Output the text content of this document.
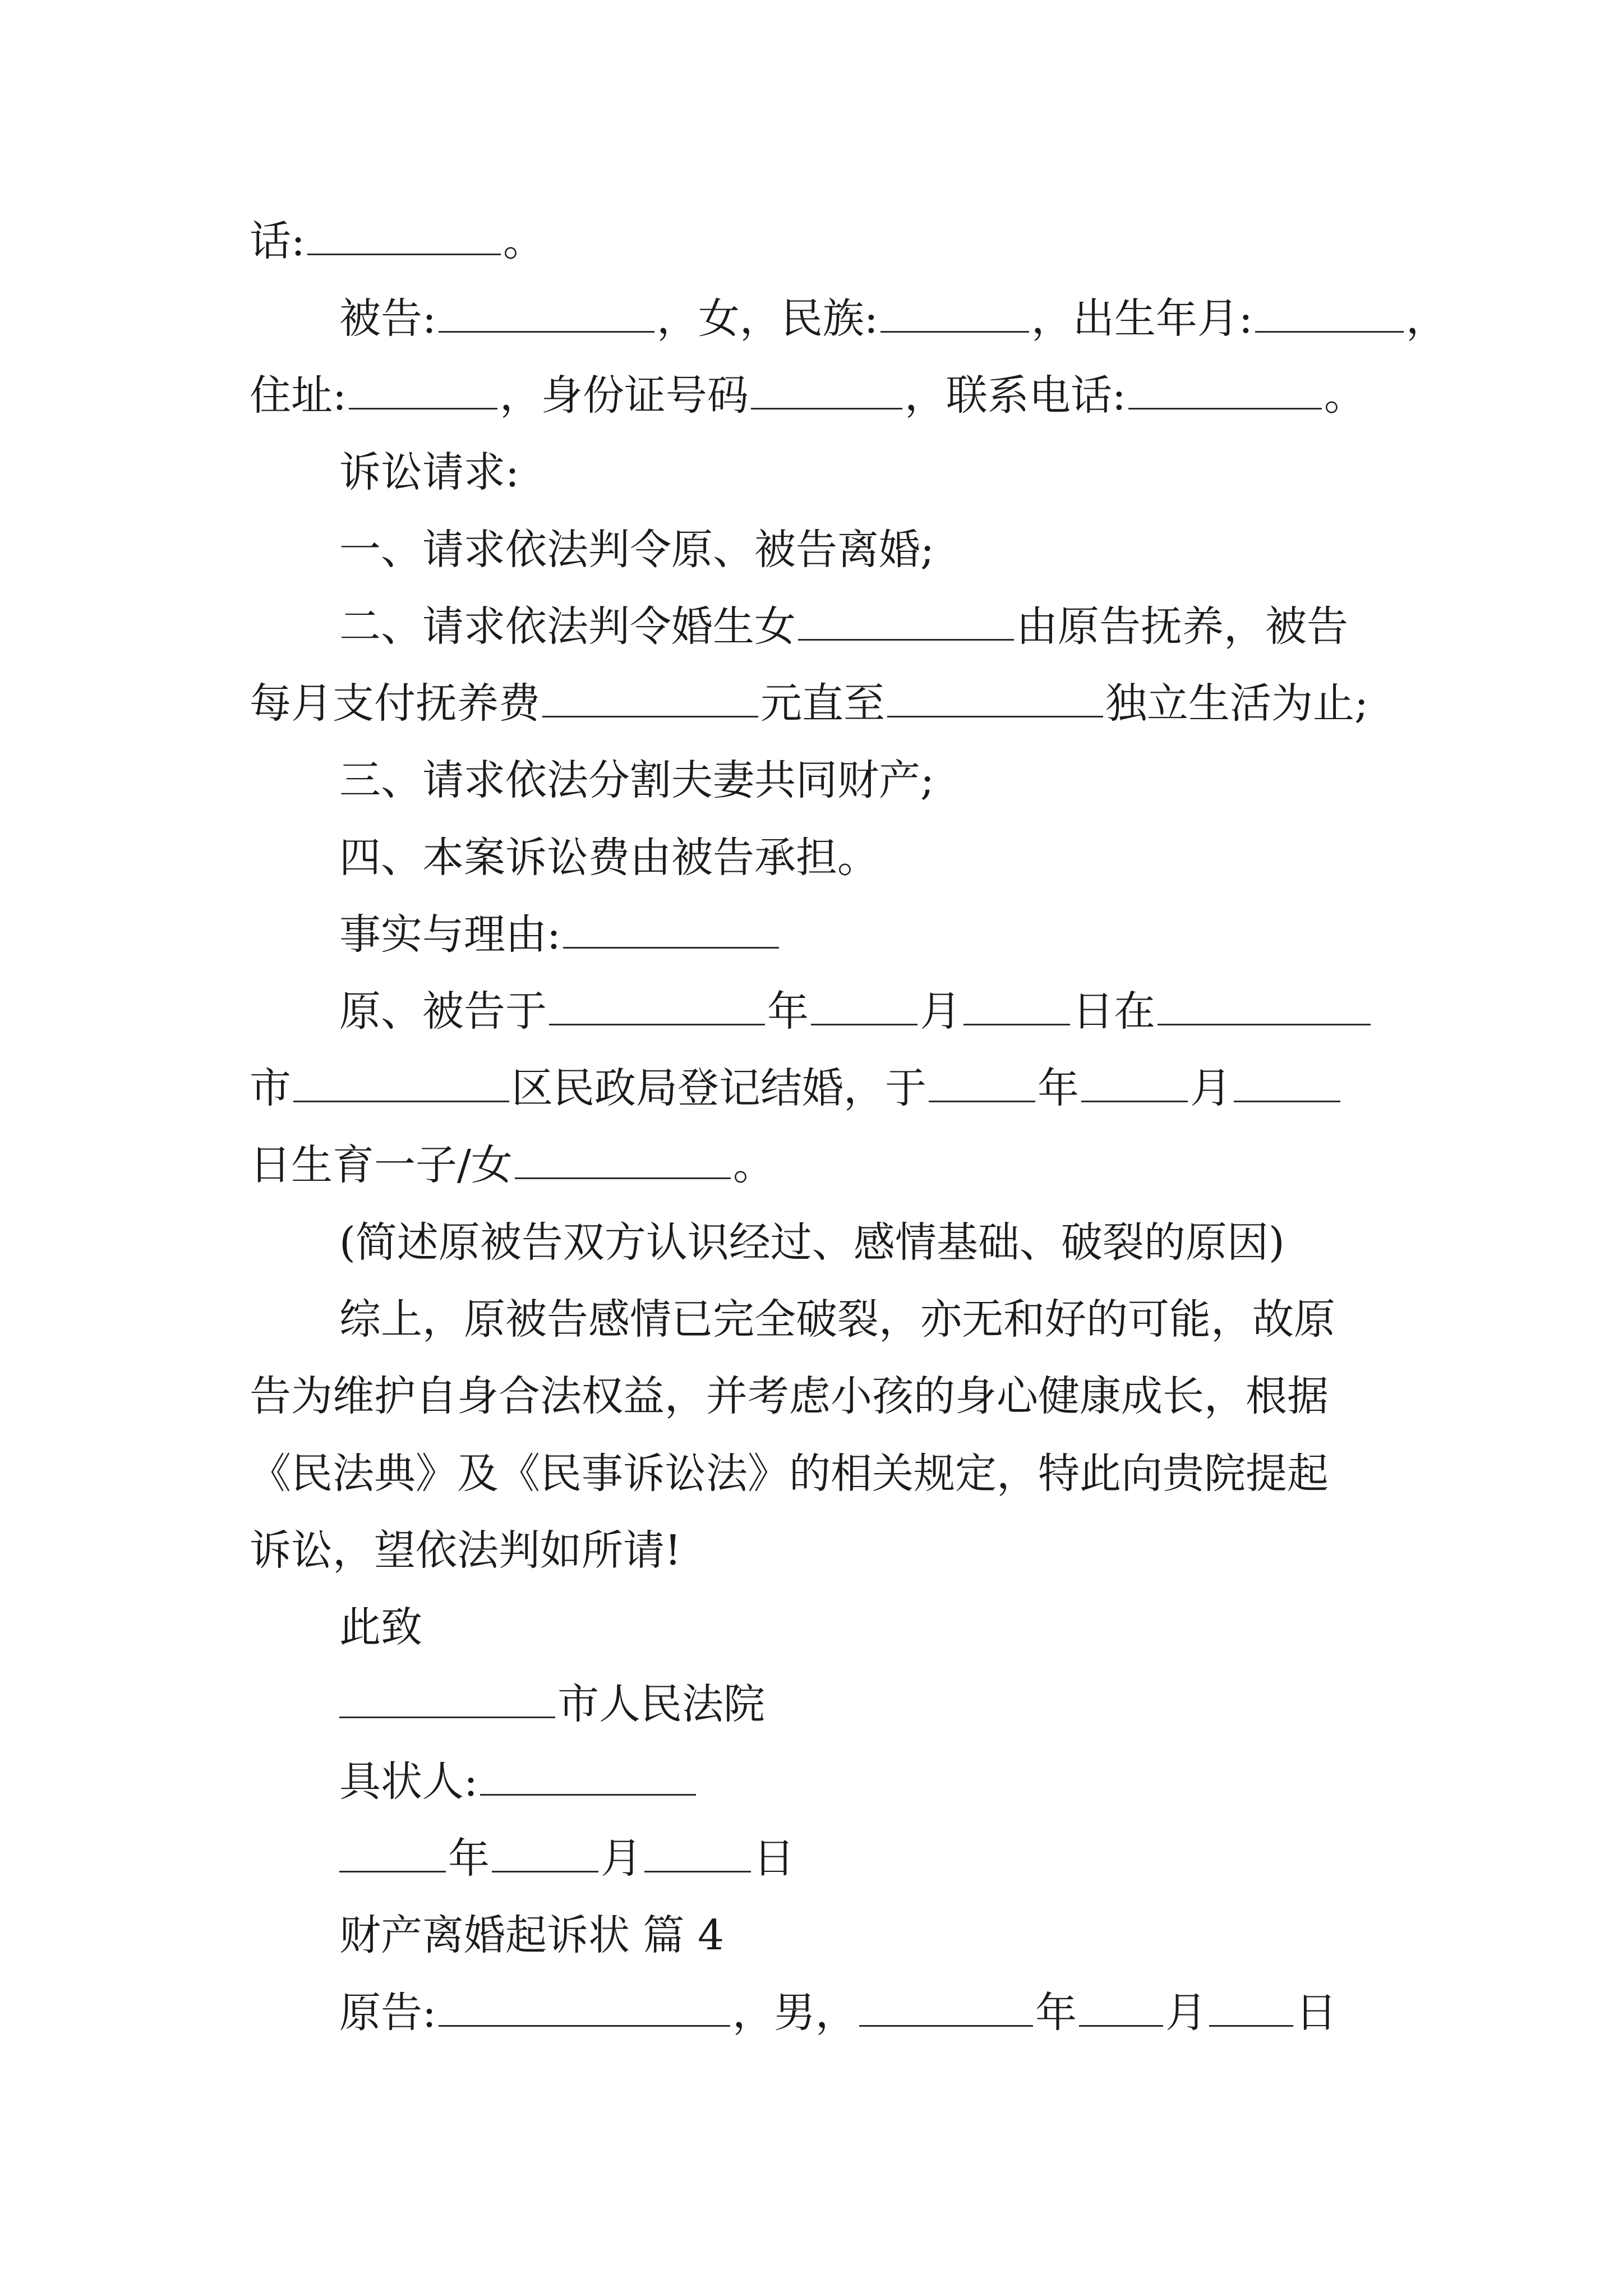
话:	。
被告:	，女，民族:	，出生年月:	，
住址:	，身份证号码	，联系电话:	。
诉讼请求:
一、请求依法判令原、被告离婚;
二、请求依法判令婚生女	由原告抚养，被告
每月支付抚养费	元直至	独立生活为止;
三、请求依法分割夫妻共同财产;
四、本案诉讼费由被告承担。
事实与理由:
原、被告于	年	月	日在
市	区民政局登记结婚，于	年	月
日生育一子/女	。
(简述原被告双方认识经过、感情基础、破裂的原因)
综上，原被告感情已完全破裂，亦无和好的可能，故原
告为维护自身合法权益，并考虑小孩的身心健康成长，根据
《民法典》及《民事诉讼法》的相关规定，特此向贵院提起
诉讼，望依法判如所请!
此致
市人民法院
具状人:
年	月	日
财产离婚起诉状 篇 4
原告:	，男，	年 月 日
